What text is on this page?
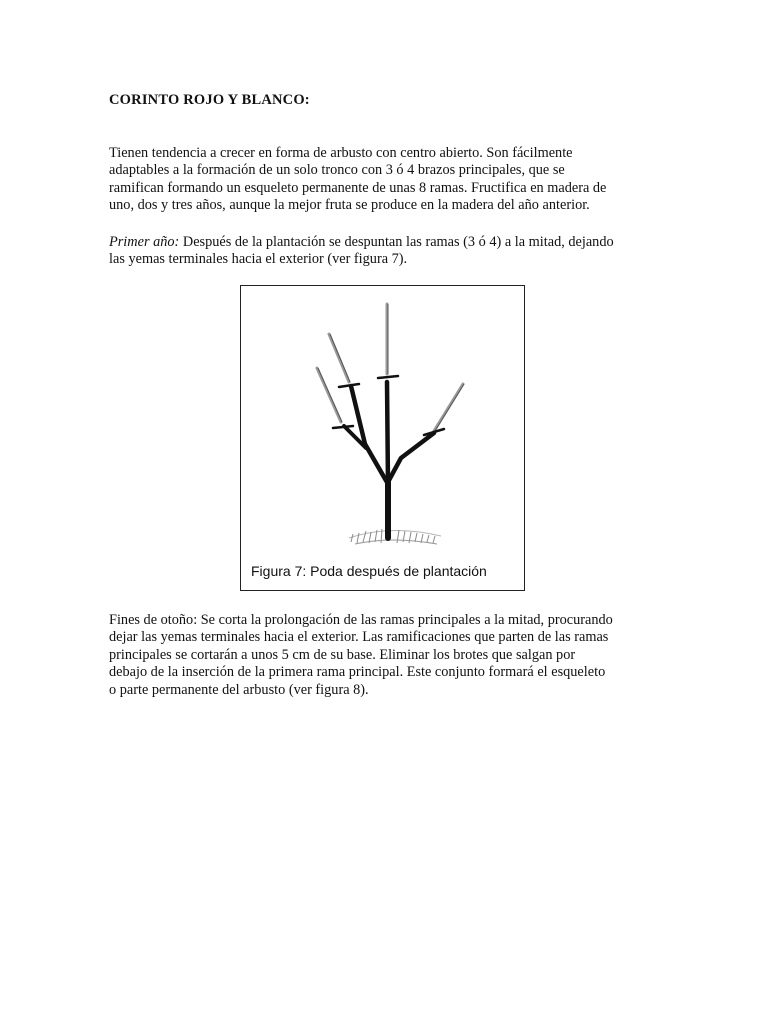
CORINTO ROJO Y BLANCO:

Tienen tendencia a crecer en forma de arbusto con centro abierto. Son fácilmente
adaptables a la formación de un solo tronco con 3 ó 4 brazos principales, que se
ramifican formando un esqueleto permanente de unas 8 ramas. Fructifica en madera de
uno, dos y tres años, aunque la mejor fruta se produce en la madera del año anterior.

Primer año: Después de la plantación se despuntan las ramas (3 ó 4) a la mitad, dejando
las yemas terminales hacia el exterior (ver figura 7).

Figura 7: Poda después de plantación

Fines de otoño: Se corta la prolongación de las ramas principales a la mitad, procurando
dejar las yemas terminales hacia el exterior. Las ramificaciones que parten de las ramas
principales se cortarán a unos 5 cm de su base. Eliminar los brotes que salgan por
debajo de la inserción de la primera rama principal. Este conjunto formará el esqueleto
o parte permanente del arbusto (ver figura 8).
